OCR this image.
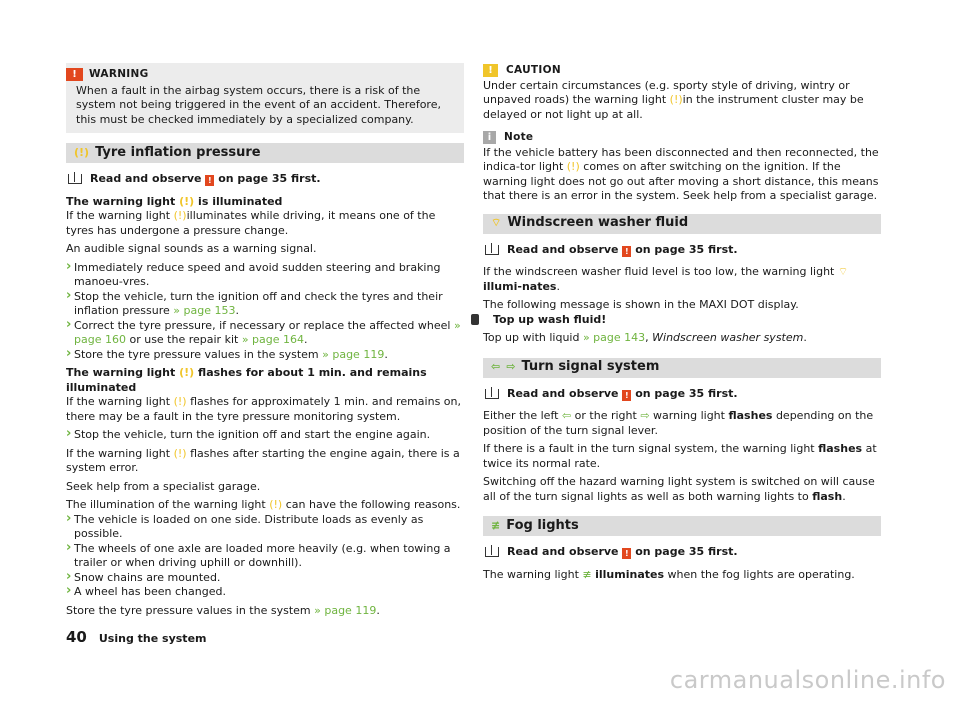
!	WARNING

When a fault in the airbag system occurs, there is a risk of the system not being triggered in the event of an accident. Therefore, this must be checked immediately by a specialized company.

(!) Tyre inflation pressure
Read and observe ! on page 35 first.

The warning light (!) is illuminated

If the warning light (!)illuminates while driving, it means one of the tyres has undergone a pressure change.

An audible signal sounds as a warning signal.

› Immediately reduce speed and avoid sudden steering and braking manoeu-vres.
› Stop the vehicle, turn the ignition off and check the tyres and their inflation pressure » page 153.
› Correct the tyre pressure, if necessary or replace the affected wheel » page 160 or use the repair kit » page 164.
› Store the tyre pressure values in the system » page 119.

The warning light (!) flashes for about 1 min. and remains illuminated

If the warning light (!) flashes for approximately 1 min. and remains on, there may be a fault in the tyre pressure monitoring system.

› Stop the vehicle, turn the ignition off and start the engine again.

If the warning light (!) flashes after starting the engine again, there is a system error.

Seek help from a specialist garage.

The illumination of the warning light (!) can have the following reasons.

› The vehicle is loaded on one side. Distribute loads as evenly as possible.
› The wheels of one axle are loaded more heavily (e.g. when towing a trailer or when driving uphill or downhill).
› Snow chains are mounted.
› A wheel has been changed.

Store the tyre pressure values in the system » page 119.

!	CAUTION

Under certain circumstances (e.g. sporty style of driving, wintry or unpaved roads) the warning light (!)in the instrument cluster may be delayed or not light up at all.

i	Note

If the vehicle battery has been disconnected and then reconnected, the indica-tor light (!) comes on after switching on the ignition. If the warning light does not go out after moving a short distance, this means that there is an error in the system. Seek help from a specialist garage.

⌔ Windscreen washer fluid
Read and observe ! on page 35 first.

If the windscreen washer fluid level is too low, the warning light ⌔ illumi-nates.

The following message is shown in the MAXI DOT display.

Top up wash fluid!

Top up with liquid » page 143, Windscreen washer system.

⇦ ⇨ Turn signal system
Read and observe ! on page 35 first.

Either the left ⇦ or the right ⇨ warning light flashes depending on the position of the turn signal lever.

If there is a fault in the turn signal system, the warning light flashes at twice its normal rate.

Switching off the hazard warning light system is switched on will cause all of the turn signal lights as well as both warning lights to flash.

≢ Fog lights
Read and observe ! on page 35 first.

The warning light ≢ illuminates when the fog lights are operating.

40 Using the system
carmanualsonline.info
